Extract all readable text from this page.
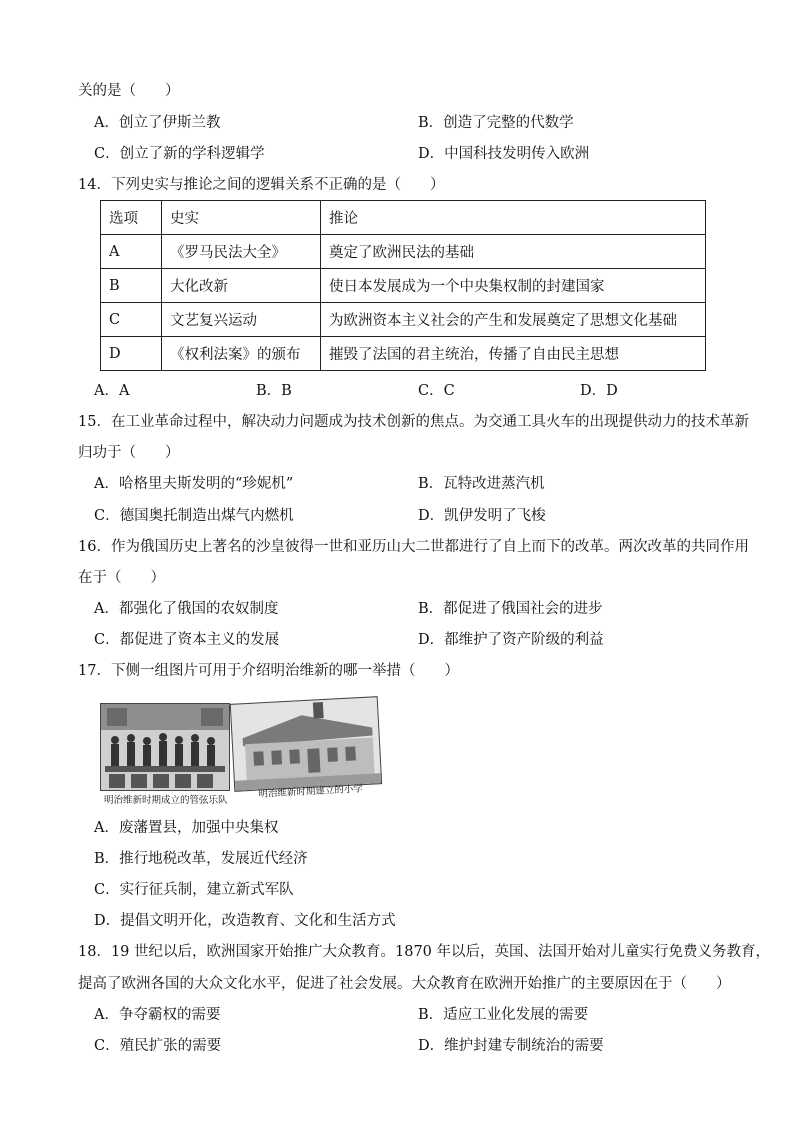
关的是（　　）
A．创立了伊斯兰教	B．创造了完整的代数学
C．创立了新的学科逻辑学	D．中国科技发明传入欧洲
14．下列史实与推论之间的逻辑关系不正确的是（　　）
选项	史实	推论
A	《罗马民法大全》	奠定了欧洲民法的基础
B	大化改新	使日本发展成为一个中央集权制的封建国家
C	文艺复兴运动	为欧洲资本主义社会的产生和发展奠定了思想文化基础
D	《权利法案》的颁布	摧毁了法国的君主统治，传播了自由民主思想
A．A	B．B	C．C	D．D
15．在工业革命过程中，解决动力问题成为技术创新的焦点。为交通工具火车的出现提供动力的技术革新
归功于（　　）
A．哈格里夫斯发明的“珍妮机”	B．瓦特改进蒸汽机
C．德国奥托制造出煤气内燃机	D．凯伊发明了飞梭
16．作为俄国历史上著名的沙皇彼得一世和亚历山大二世都进行了自上而下的改革。两次改革的共同作用
在于（　　）
A．都强化了俄国的农奴制度	B．都促进了俄国社会的进步
C．都促进了资本主义的发展	D．都维护了资产阶级的利益
17．下侧一组图片可用于介绍明治维新的哪一举措（　　）
明治维新时期成立的管弦乐队
明治维新时期建立的小学
A．废藩置县，加强中央集权
B．推行地税改革，发展近代经济
C．实行征兵制，建立新式军队
D．提倡文明开化，改造教育、文化和生活方式
18．19 世纪以后，欧洲国家开始推广大众教育。1870 年以后，英国、法国开始对儿童实行免费义务教育，
提高了欧洲各国的大众文化水平，促进了社会发展。大众教育在欧洲开始推广的主要原因在于（　　）
A．争夺霸权的需要	B．适应工业化发展的需要
C．殖民扩张的需要	D．维护封建专制统治的需要
